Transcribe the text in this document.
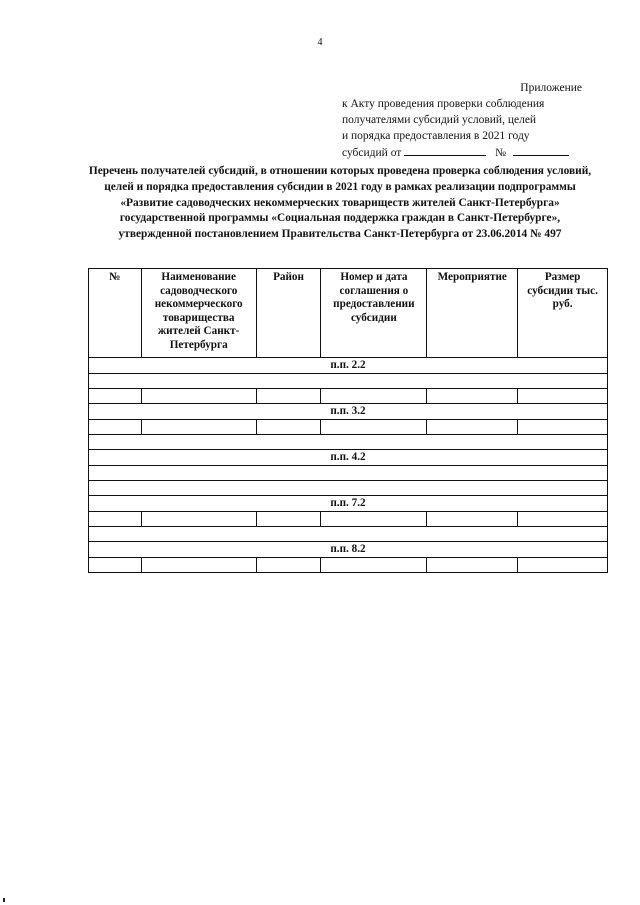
4
Приложение
к Акту проведения проверки соблюдения
получателями субсидий условий, целей
и порядка предоставления в 2021 году
субсидий от	№
Перечень получателей субсидий, в отношении которых проведена проверка соблюдения условий, целей и порядка предоставления субсидии в 2021 году в рамках реализации подпрограммы «Развитие садоводческих некоммерческих товариществ жителей Санкт-Петербурга» государственной программы «Социальная поддержка граждан в Санкт-Петербурге», утвержденной постановлением Правительства Санкт-Петербурга от 23.06.2014 № 497
№	Наименование садоводческого некоммерческого товарищества жителей Санкт-Петербурга	Район	Номер и дата соглашения о предоставлении субсидии	Мероприятие	Размер субсидии тыс. руб.
п.п. 2.2					

п.п. 3.2					

п.п. 4.2					

п.п. 7.2					

п.п. 8.2					
